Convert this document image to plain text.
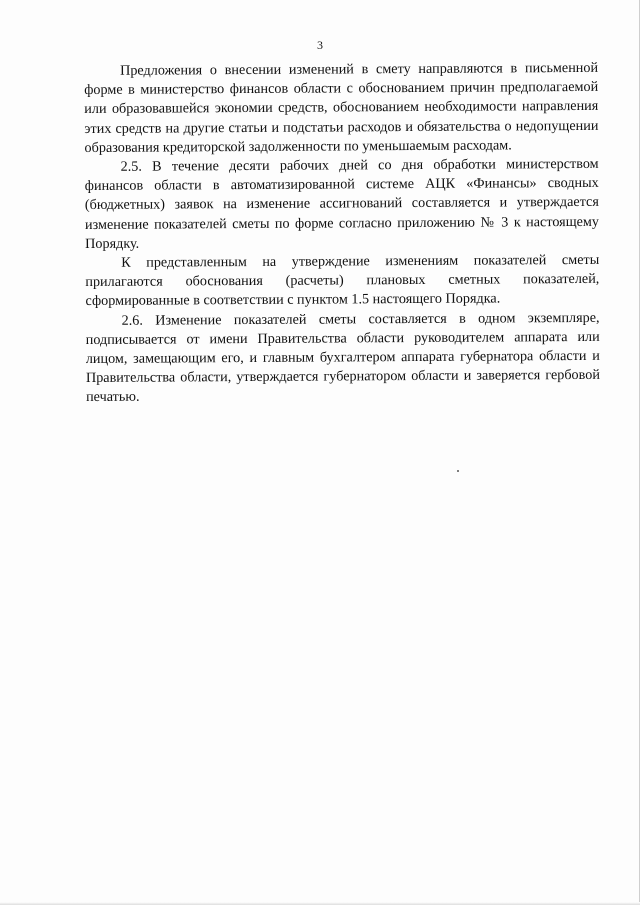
3

Предложения о внесении изменений в смету направляются в письменной форме в министерство финансов области с обоснованием причин предполагаемой или образовавшейся экономии средств, обоснованием необходимости направления этих средств на другие статьи и подстатьи расходов и обязательства о недопущении образования кредиторской задолженности по уменьшаемым расходам.

2.5. В течение десяти рабочих дней со дня обработки министерством финансов области в автоматизированной системе АЦК «Финансы» сводных (бюджетных) заявок на изменение ассигнований составляется и утверждается изменение показателей сметы по форме согласно приложению № 3 к настоящему Порядку.

К представленным на утверждение изменениям показателей сметы прилагаются обоснования (расчеты) плановых сметных показателей, сформированные в соответствии с пунктом 1.5 настоящего Порядка.

2.6. Изменение показателей сметы составляется в одном экземпляре, подписывается от имени Правительства области руководителем аппарата или лицом, замещающим его, и главным бухгалтером аппарата губернатора области и Правительства области, утверждается губернатором области и заверяется гербовой печатью.
